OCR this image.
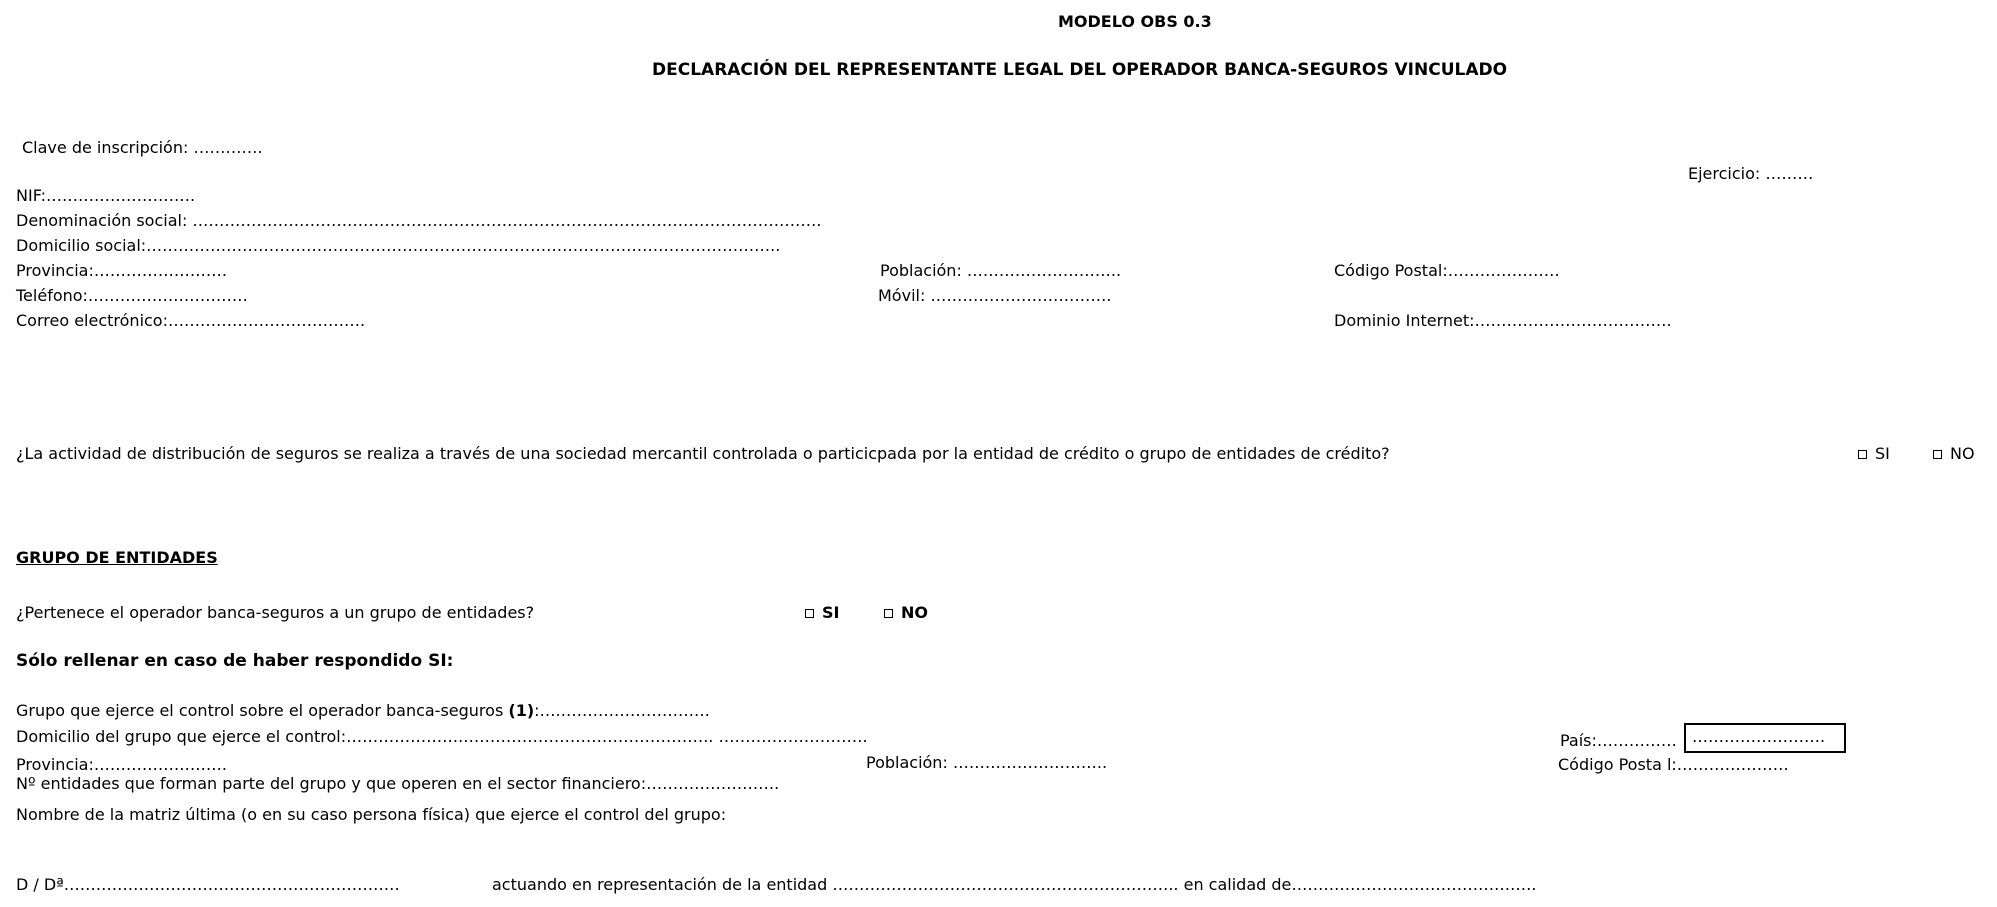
MODELO OBS 0.3
DECLARACIÓN DEL REPRESENTANTE LEGAL DEL OPERADOR BANCA-SEGUROS VINCULADO
Clave de inscripción: ………….
Ejercicio: ………
NIF:……………………….
Denominación social: ……………………………………………………………………………………………………….
Domicilio social:………………………………………………………………………………………………………..
Provincia:…………………….	Población: ………………………..	Código Postal:…………………
Teléfono:…………………………	Móvil: …………………………….
Correo electrónico:……………………………….	Dominio Internet:……………………………….
¿La actividad de distribución de seguros se realiza a través de una sociedad mercantil controlada o particicpada por la entidad de crédito o grupo de entidades de crédito?	SI	NO
GRUPO DE ENTIDADES
¿Pertenece el operador banca-seguros a un grupo de entidades?	SI	NO
Sólo rellenar en caso de haber respondido SI:
Grupo que ejerce el control sobre el operador banca-seguros (1):….……………………….
Domicilio del grupo que ejerce el control:………………….……………………………………….. ……………………….	País:…………… …………………….
Provincia:…………………….	Población: ………………………..	Código Posta l:…………………
Nº entidades que forman parte del grupo y que operen en el sector financiero:…………………….
Nombre de la matriz última (o en su caso persona física) que ejerce el control del grupo:
D / Dª………………………………………………………	actuando en representación de la entidad ……………………………………………………….. en calidad de……………………………………….
